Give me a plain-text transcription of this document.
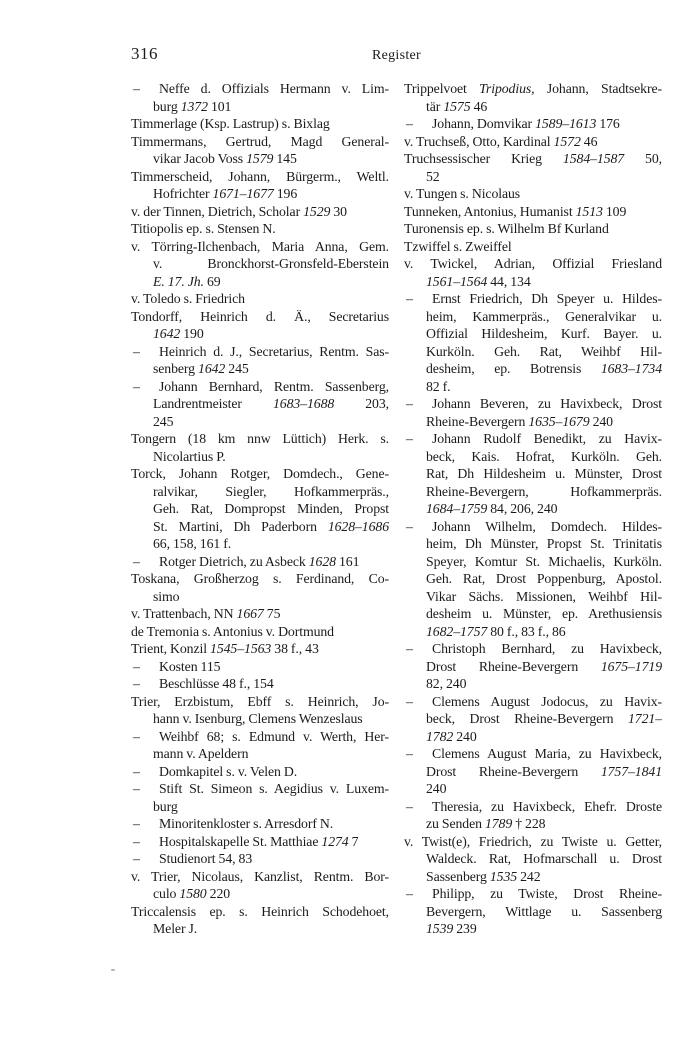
316	Register
– Neffe d. Offizials Hermann v. Lim-
burg 1372 101
Timmerlage (Ksp. Lastrup) s. Bixlag
Timmermans, Gertrud, Magd General-
vikar Jacob Voss 1579 145
Timmerscheid, Johann, Bürgerm., Weltl.
Hofrichter 1671–1677 196
v. der Tinnen, Dietrich, Scholar 1529 30
Titiopolis ep. s. Stensen N.
v. Törring-Ilchenbach, Maria Anna, Gem.
v. Bronckhorst-Gronsfeld-Eberstein
E. 17. Jh. 69
v. Toledo s. Friedrich
Tondorff, Heinrich d. Ä., Secretarius
1642 190
– Heinrich d. J., Secretarius, Rentm. Sas-
senberg 1642 245
– Johann Bernhard, Rentm. Sassenberg,
Landrentmeister 1683–1688 203,
245
Tongern (18 km nnw Lüttich) Herk. s.
Nicolartius P.
Torck, Johann Rotger, Domdech., Gene-
ralvikar, Siegler, Hofkammerpräs.,
Geh. Rat, Dompropst Minden, Propst
St. Martini, Dh Paderborn 1628–1686
66, 158, 161 f.
– Rotger Dietrich, zu Asbeck 1628 161
Toskana, Großherzog s. Ferdinand, Co-
simo
v. Trattenbach, NN 1667 75
de Tremonia s. Antonius v. Dortmund
Trient, Konzil 1545–1563 38 f., 43
– Kosten 115
– Beschlüsse 48 f., 154
Trier, Erzbistum, Ebff s. Heinrich, Jo-
hann v. Isenburg, Clemens Wenzeslaus
– Weihbf 68; s. Edmund v. Werth, Her-
mann v. Apeldern
– Domkapitel s. v. Velen D.
– Stift St. Simeon s. Aegidius v. Luxem-
burg
– Minoritenkloster s. Arresdorf N.
– Hospitalskapelle St. Matthiae 1274 7
– Studienort 54, 83
v. Trier, Nicolaus, Kanzlist, Rentm. Bor-
culo 1580 220
Triccalensis ep. s. Heinrich Schodehoet,
Meler J.
Trippelvoet Tripodius, Johann, Stadtsekre-
tär 1575 46
– Johann, Domvikar 1589–1613 176
v. Truchseß, Otto, Kardinal 1572 46
Truchsessischer Krieg 1584–1587 50,
52
v. Tungen s. Nicolaus
Tunneken, Antonius, Humanist 1513 109
Turonensis ep. s. Wilhelm Bf Kurland
Tzwiffel s. Zweiffel
v. Twickel, Adrian, Offizial Friesland
1561–1564 44, 134
– Ernst Friedrich, Dh Speyer u. Hildes-
heim, Kammerpräs., Generalvikar u.
Offizial Hildesheim, Kurf. Bayer. u.
Kurköln. Geh. Rat, Weihbf Hil-
desheim, ep. Botrensis 1683–1734
82 f.
– Johann Beveren, zu Havixbeck, Drost
Rheine-Bevergern 1635–1679 240
– Johann Rudolf Benedikt, zu Havix-
beck, Kais. Hofrat, Kurköln. Geh.
Rat, Dh Hildesheim u. Münster, Drost
Rheine-Bevergern, Hofkammerpräs.
1684–1759 84, 206, 240
– Johann Wilhelm, Domdech. Hildes-
heim, Dh Münster, Propst St. Trinitatis
Speyer, Komtur St. Michaelis, Kurköln.
Geh. Rat, Drost Poppenburg, Apostol.
Vikar Sächs. Missionen, Weihbf Hil-
desheim u. Münster, ep. Arethusiensis
1682–1757 80 f., 83 f., 86
– Christoph Bernhard, zu Havixbeck,
Drost Rheine-Bevergern 1675–1719
82, 240
– Clemens August Jodocus, zu Havix-
beck, Drost Rheine-Bevergern 1721–
1782 240
– Clemens August Maria, zu Havixbeck,
Drost Rheine-Bevergern 1757–1841
240
– Theresia, zu Havixbeck, Ehefr. Droste
zu Senden 1789 † 228
v. Twist(e), Friedrich, zu Twiste u. Getter,
Waldeck. Rat, Hofmarschall u. Drost
Sassenberg 1535 242
– Philipp, zu Twiste, Drost Rheine-
Bevergern, Wittlage u. Sassenberg
1539 239
